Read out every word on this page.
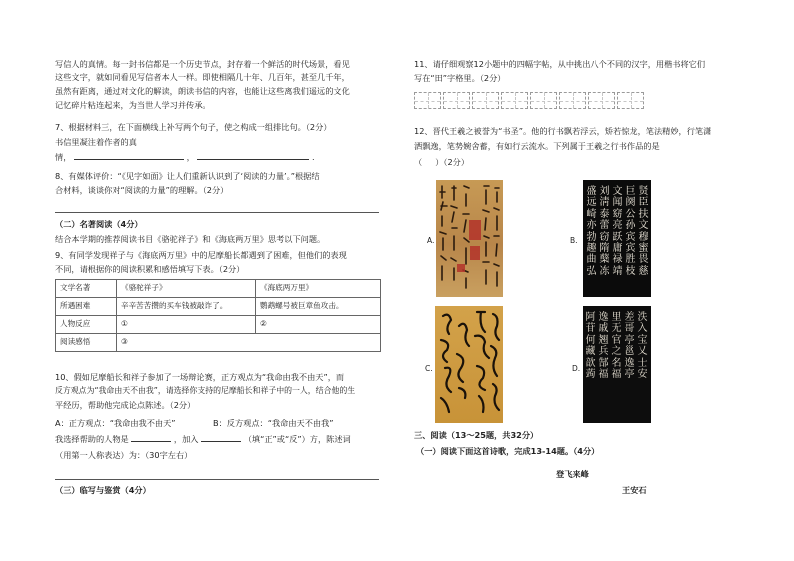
写信人的真情。每一封书信都是一个历史节点，封存着一个鲜活的时代场景，看见

这些文字，就如同看见写信者本人一样。即使相隔几十年、几百年，甚至几千年，

虽然有距离，通过对文化的解读，朗读书信的内容，也能让这些离我们遥远的文化

记忆碎片粘连起来，为当世人学习并传承。

7、根据材料三，在下面横线上补写两个句子，使之构成一组排比句。（2分）

书信里凝注着作者的真

情，	，	.

8、有媒体评价：“《见字如面》让人们重新认识到了‘阅读的力量’。”根据结

合材料，谈谈你对“阅读的力量”的理解。（2分）

（二）名著阅读（4分）

结合本学期的推荐阅读书目《骆驼祥子》和《海底两万里》思考以下问题。

9、有同学发现祥子与《海底两万里》中的尼摩船长都遇到了困难，但他们的表现

不同，请根据你的阅读积累和感悟填写下表。（2分）

文学名著	《骆驼祥子》	《海底两万里》
所遇困难	辛辛苦苦攒的买车钱被敲诈了。	鹦鹉螺号被巨章鱼攻击。
人物反应	①	②
阅读感悟	③	

10、假如尼摩船长和祥子参加了一场辩论赛，正方观点为“我命由我不由天”，而

反方观点为“我命由天不由我”，请选择你支持的尼摩船长和祥子中的一人，结合他的生

平经历，帮助他完成论点陈述。（2分）

A：正方观点：“我命由我不由天”	B：反方观点：“我命由天不由我”

我选择帮助的人物是	，加入	（填“正”或“反”）方，陈述词

（用第一人称表达）为：（30字左右）

（三）临写与鉴赏（4分）

11、请仔细观察12小题中的四幅字帖，从中挑出八个不同的汉字，用楷书将它们

写在“田”字格里。（2分）

12、晋代王羲之被誉为“书圣”。他的行书飘若浮云，矫若惊龙，笔法精妙，行笔潇

洒飘逸，笔势婉舍蓄，有如行云流水。下列属于王羲之行书作品的是

（     ）（2分）

A.	B.
贤
臣
扶
文
穆
蜜
畏
慈
巨
阕
公
孙
宾
宾
胜
枝
文
闻
窈
亮
跃
庸
禄
靖
刘
淸
泰
蕾
窃
隋
蘖
冻
盛
远
崎
亦
勃
趣
曲
弘
C.	D.
泆
入
宝
乂
士
安
差
哥
亭
邕
逸
亭
里
无
官
之
名
福
逸
戚
翘
兵
郜
福
阿
苷
何
藏
歆
蒟

三、阅读（13～25题，共32分）

（一）阅读下面这首诗歌，完成13-14题。（4分）

登飞来峰

王安石
